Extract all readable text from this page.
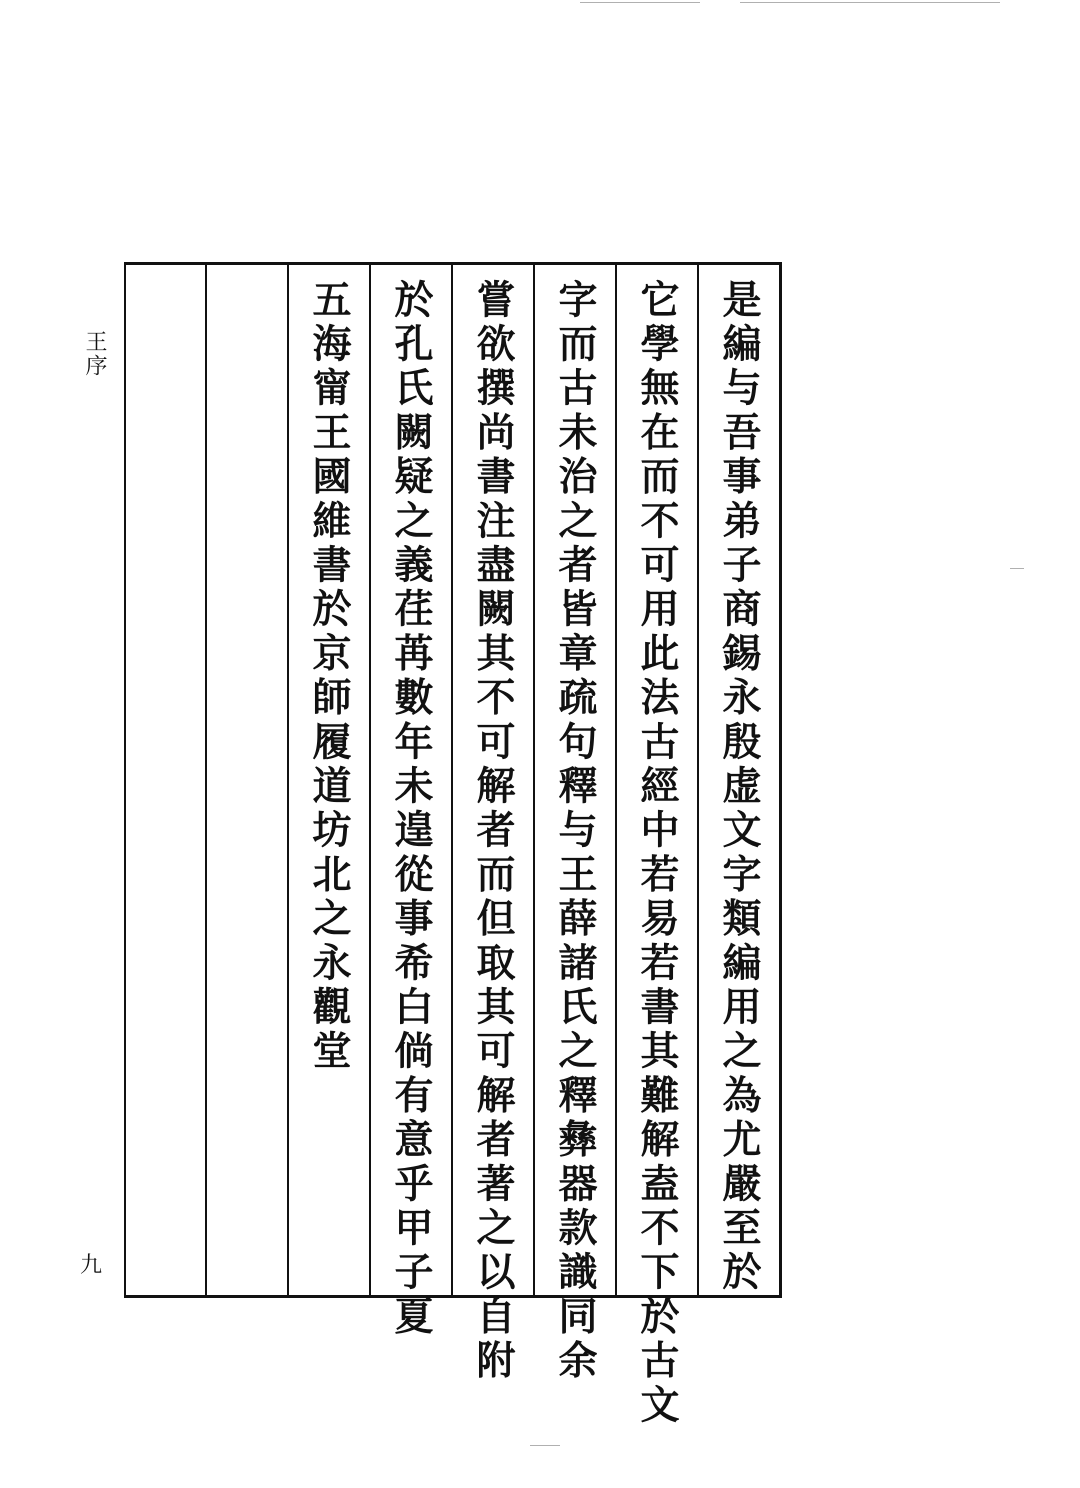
王序	是編与吾事弟子商錫永殷虚文字類編用之為尤嚴至於
它學無在而不可用此法古經中若易若書其難解盍不下於古文
字而古未治之者皆章疏句釋与王薛諸氏之釋彝器款識同余
嘗欲撰尚書注盡闕其不可解者而但取其可解者著之以自附
於孔氏闕疑之義荏苒數年未遑從事希白倘有意乎甲子夏
五海甯王國維書於京師履道坊北之永觀堂
九
